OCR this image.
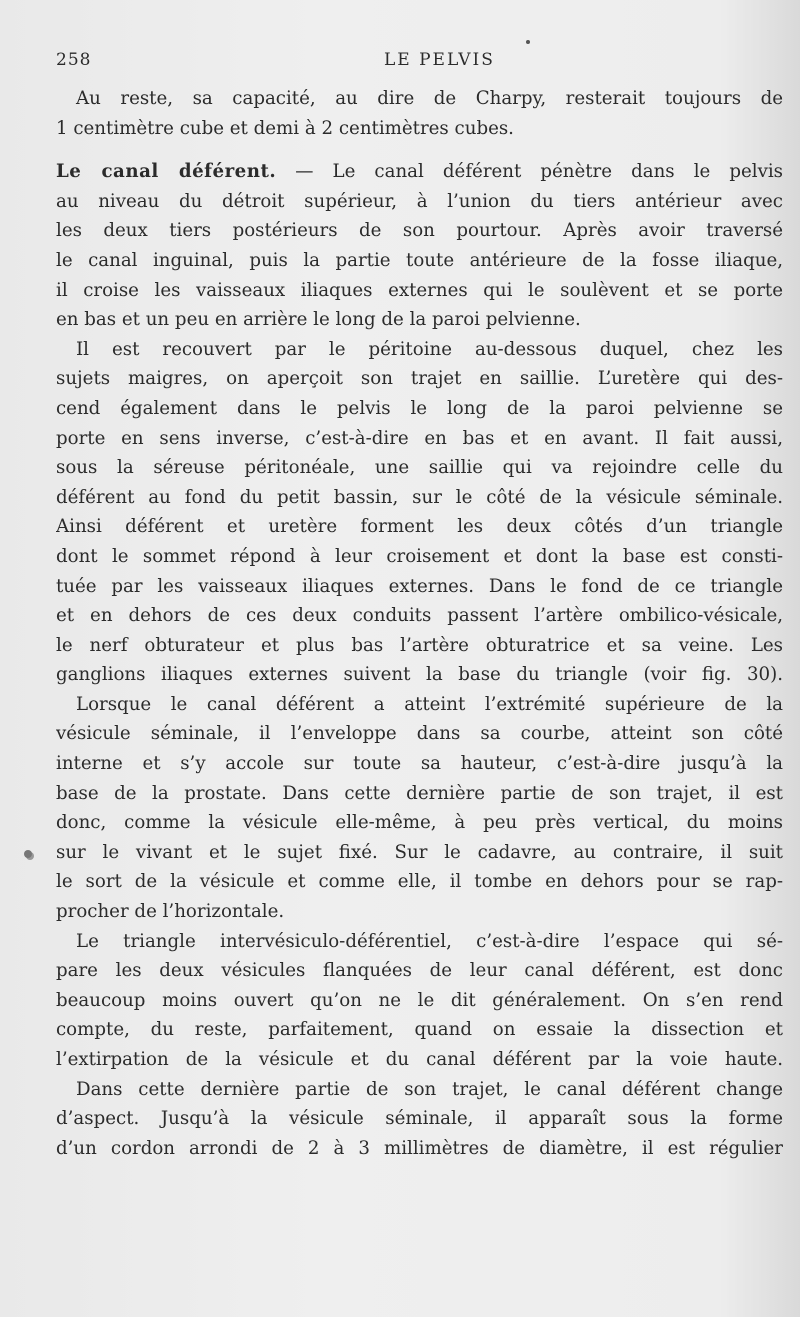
258	LE PELVIS
Au reste, sa capacité, au dire de Charpy, resterait toujours de
1 centimètre cube et demi à 2 centimètres cubes.
Le canal déférent. — Le canal déférent pénètre dans le pelvis
au niveau du détroit supérieur, à l’union du tiers antérieur avec
les deux tiers postérieurs de son pourtour. Après avoir traversé
le canal inguinal, puis la partie toute antérieure de la fosse iliaque,
il croise les vaisseaux iliaques externes qui le soulèvent et se porte
en bas et un peu en arrière le long de la paroi pelvienne.
Il est recouvert par le péritoine au-dessous duquel, chez les
sujets maigres, on aperçoit son trajet en saillie. L’uretère qui des-
cend également dans le pelvis le long de la paroi pelvienne se
porte en sens inverse, c’est-à-dire en bas et en avant. Il fait aussi,
sous la séreuse péritonéale, une saillie qui va rejoindre celle du
déférent au fond du petit bassin, sur le côté de la vésicule séminale.
Ainsi déférent et uretère forment les deux côtés d’un triangle
dont le sommet répond à leur croisement et dont la base est consti-
tuée par les vaisseaux iliaques externes. Dans le fond de ce triangle
et en dehors de ces deux conduits passent l’artère ombilico-vésicale,
le nerf obturateur et plus bas l’artère obturatrice et sa veine. Les
ganglions iliaques externes suivent la base du triangle (voir fig. 30).
Lorsque le canal déférent a atteint l’extrémité supérieure de la
vésicule séminale, il l’enveloppe dans sa courbe, atteint son côté
interne et s’y accole sur toute sa hauteur, c’est-à-dire jusqu’à la
base de la prostate. Dans cette dernière partie de son trajet, il est
donc, comme la vésicule elle-même, à peu près vertical, du moins
sur le vivant et le sujet fixé. Sur le cadavre, au contraire, il suit
le sort de la vésicule et comme elle, il tombe en dehors pour se rap-
procher de l’horizontale.
Le triangle intervésiculo-déférentiel, c’est-à-dire l’espace qui sé-
pare les deux vésicules flanquées de leur canal déférent, est donc
beaucoup moins ouvert qu’on ne le dit généralement. On s’en rend
compte, du reste, parfaitement, quand on essaie la dissection et
l’extirpation de la vésicule et du canal déférent par la voie haute.
Dans cette dernière partie de son trajet, le canal déférent change
d’aspect. Jusqu’à la vésicule séminale, il apparaît sous la forme
d’un cordon arrondi de 2 à 3 millimètres de diamètre, il est régulier
